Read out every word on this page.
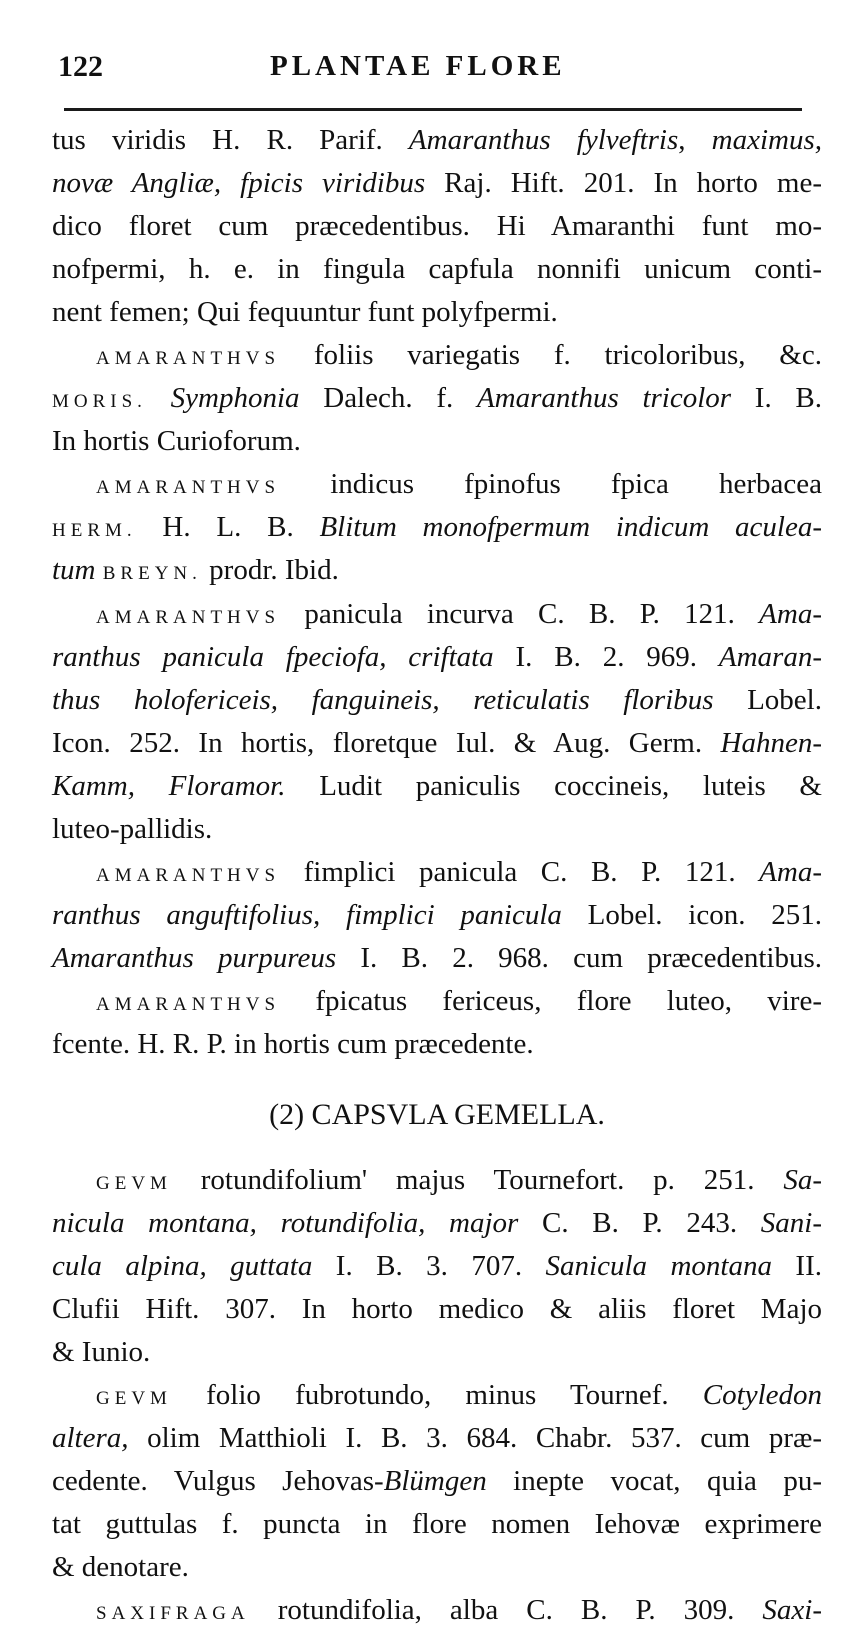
122	PLANTAE FLORE
tus viridis H. R. Parif. Amaranthus fylveftris, maximus,
novæ Angliæ, fpicis viridibus Raj. Hift. 201. In horto me-
dico floret cum præcedentibus. Hi Amaranthi funt mo-
nofpermi, h. e. in fingula capfula nonnifi unicum conti-
nent femen; Qui fequuntur funt polyfpermi.
AMARANTHVS foliis variegatis f. tricoloribus, &c.
MORIS. Symphonia Dalech. f. Amaranthus tricolor I. B.
In hortis Curioforum.
AMARANTHVS indicus fpinofus fpica herbacea
HERM. H. L. B. Blitum monofpermum indicum aculea-
tum BREYN. prodr. Ibid.
AMARANTHVS panicula incurva C. B. P. 121. Ama-
ranthus panicula fpeciofa, criftata I. B. 2. 969. Amaran-
thus holofericeis, fanguineis, reticulatis floribus Lobel.
Icon. 252. In hortis, floretque Iul. & Aug. Germ. Hahnen-
Kamm, Floramor. Ludit paniculis coccineis, luteis &
luteo-pallidis.
AMARANTHVS fimplici panicula C. B. P. 121. Ama-
ranthus anguftifolius, fimplici panicula Lobel. icon. 251.
Amaranthus purpureus I. B. 2. 968. cum præcedentibus.
AMARANTHVS fpicatus fericeus, flore luteo, vire-
fcente. H. R. P. in hortis cum præcedente.
(2) CAPSVLA GEMELLA.
GEVM rotundifolium' majus Tournefort. p. 251. Sa-
nicula montana, rotundifolia, major C. B. P. 243. Sani-
cula alpina, guttata I. B. 3. 707. Sanicula montana II.
Clufii Hift. 307. In horto medico & aliis floret Majo
& Iunio.
GEVM folio fubrotundo, minus Tournef. Cotyledon
altera, olim Matthioli I. B. 3. 684. Chabr. 537. cum præ-
cedente. Vulgus Jehovas-Blümgen inepte vocat, quia pu-
tat guttulas f. puncta in flore nomen Iehovæ exprimere
& denotare.
SAXIFRAGA rotundifolia, alba C. B. P. 309. Saxi-
